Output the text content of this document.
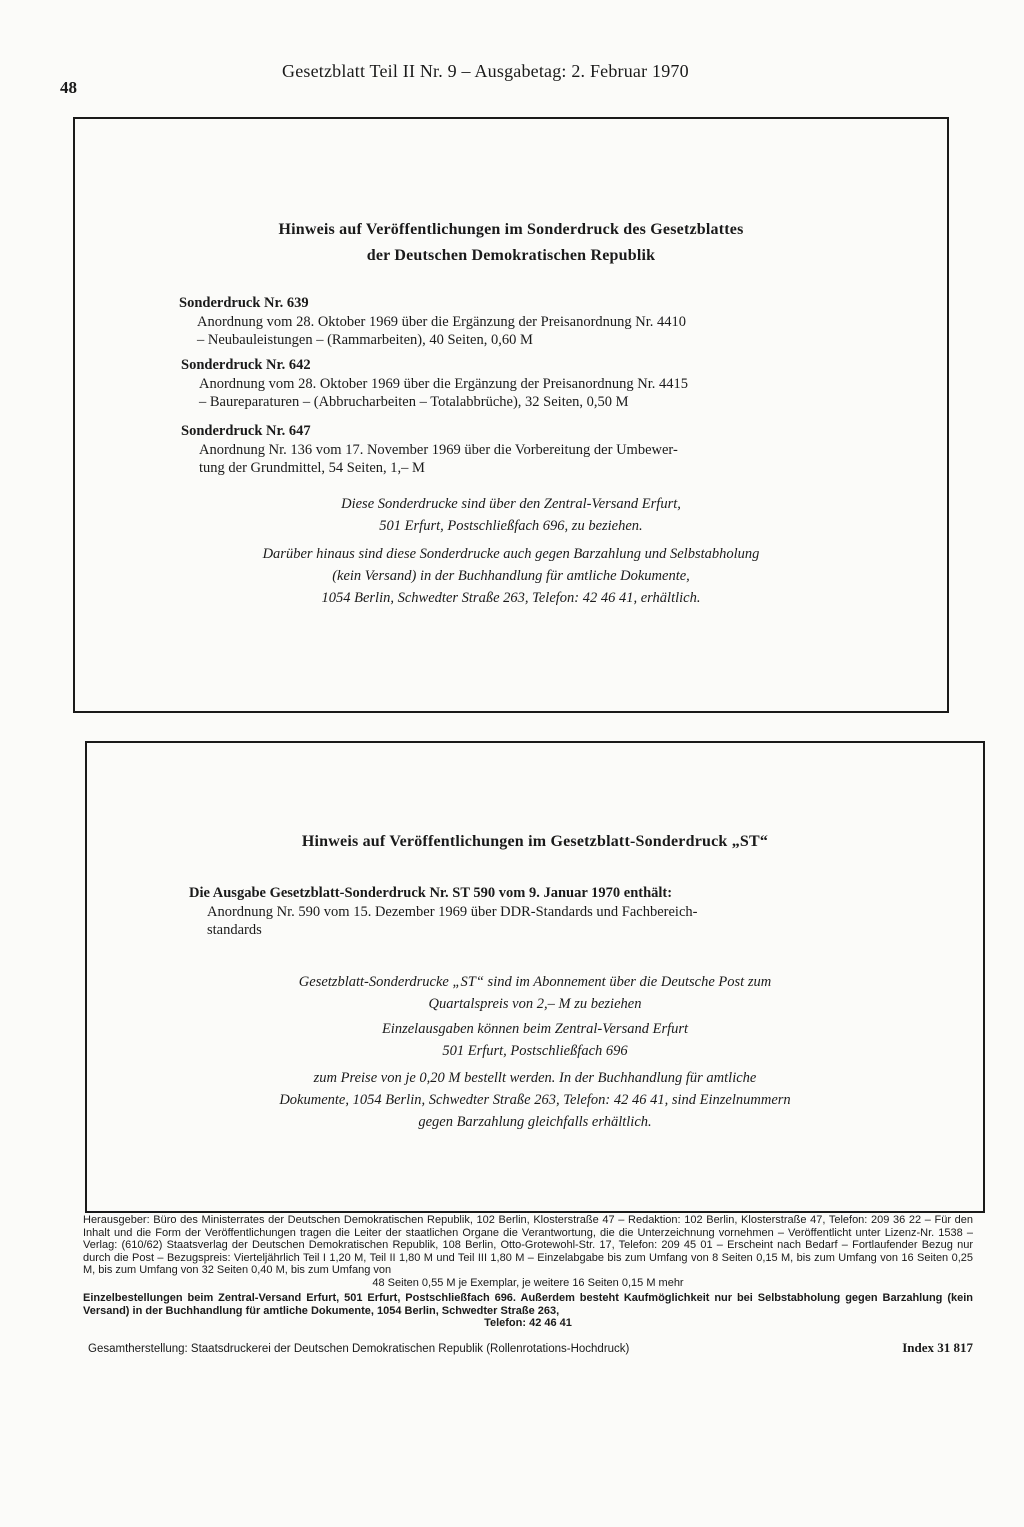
48
Gesetzblatt Teil II Nr. 9 – Ausgabetag: 2. Februar 1970
Hinweis auf Veröffentlichungen im Sonderdruck des Gesetzblattes
der Deutschen Demokratischen Republik
Sonderdruck Nr. 639
Anordnung vom 28. Oktober 1969 über die Ergänzung der Preisanordnung Nr. 4410
– Neubauleistungen – (Rammarbeiten), 40 Seiten, 0,60 M
Sonderdruck Nr. 642
Anordnung vom 28. Oktober 1969 über die Ergänzung der Preisanordnung Nr. 4415
– Baureparaturen – (Abbrucharbeiten – Totalabbrüche), 32 Seiten, 0,50 M
Sonderdruck Nr. 647
Anordnung Nr. 136 vom 17. November 1969 über die Vorbereitung der Umbewer-
tung der Grundmittel, 54 Seiten, 1,– M
Diese Sonderdrucke sind über den Zentral-Versand Erfurt,
501 Erfurt, Postschließfach 696, zu beziehen.
Darüber hinaus sind diese Sonderdrucke auch gegen Barzahlung und Selbstabholung
(kein Versand) in der Buchhandlung für amtliche Dokumente,
1054 Berlin, Schwedter Straße 263, Telefon: 42 46 41, erhältlich.
Hinweis auf Veröffentlichungen im Gesetzblatt-Sonderdruck „ST“
Die Ausgabe Gesetzblatt-Sonderdruck Nr. ST 590 vom 9. Januar 1970 enthält:
Anordnung Nr. 590 vom 15. Dezember 1969 über DDR-Standards und Fachbereich-
standards
Gesetzblatt-Sonderdrucke „ST“ sind im Abonnement über die Deutsche Post zum
Quartalspreis von 2,– M zu beziehen
Einzelausgaben können beim Zentral-Versand Erfurt
501 Erfurt, Postschließfach 696
zum Preise von je 0,20 M bestellt werden. In der Buchhandlung für amtliche
Dokumente, 1054 Berlin, Schwedter Straße 263, Telefon: 42 46 41, sind Einzelnummern
gegen Barzahlung gleichfalls erhältlich.

Herausgeber: Büro des Ministerrates der Deutschen Demokratischen Republik, 102 Berlin, Klosterstraße 47 – Redaktion: 102 Berlin, Klosterstraße 47, Telefon: 209 36 22 – Für den Inhalt und die Form der Veröffentlichungen tragen die Leiter der staatlichen Organe die Verantwortung, die die Unterzeichnung vornehmen – Veröffentlicht unter Lizenz-Nr. 1538 – Verlag: (610/62) Staatsverlag der Deutschen Demokratischen Republik, 108 Berlin, Otto-Grotewohl-Str. 17, Telefon: 209 45 01 – Erscheint nach Bedarf – Fortlaufender Bezug nur durch die Post – Bezugspreis: Vierteljährlich Teil I 1,20 M, Teil II 1,80 M und Teil III 1,80 M – Einzelabgabe bis zum Umfang von 8 Seiten 0,15 M, bis zum Umfang von 16 Seiten 0,25 M, bis zum Umfang von 32 Seiten 0,40 M, bis zum Umfang von

48 Seiten 0,55 M je Exemplar, je weitere 16 Seiten 0,15 M mehr

Einzelbestellungen beim Zentral-Versand Erfurt, 501 Erfurt, Postschließfach 696. Außerdem besteht Kaufmöglichkeit nur bei Selbstabholung gegen Barzahlung (kein Versand) in der Buchhandlung für amtliche Dokumente, 1054 Berlin, Schwedter Straße 263,

Telefon: 42 46 41

Gesamtherstellung: Staatsdruckerei der Deutschen Demokratischen Republik (Rollenrotations-Hochdruck)	Index 31 817
